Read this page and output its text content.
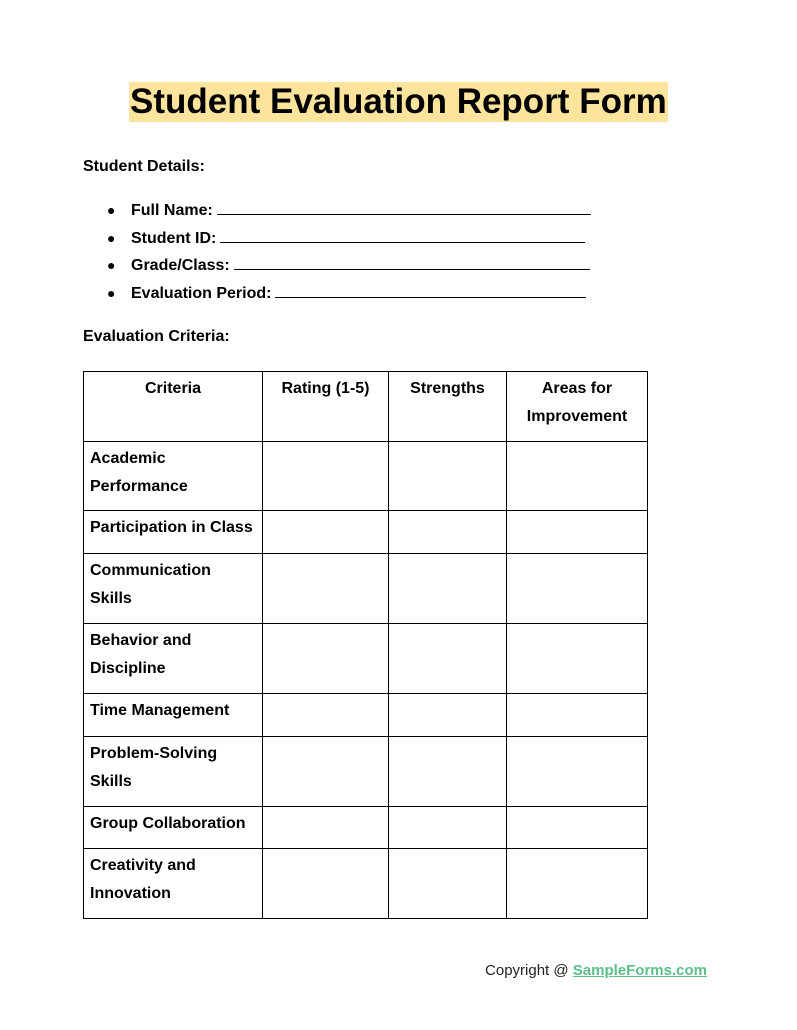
Student Evaluation Report Form
Student Details:
● Full Name:
● Student ID:
● Grade/Class:
● Evaluation Period:
Evaluation Criteria:
Criteria	Rating (1-5)	Strengths	Areas for Improvement
Academic Performance			
Participation in Class			
Communication Skills			
Behavior and Discipline			
Time Management			
Problem-Solving Skills			
Group Collaboration			
Creativity and Innovation			
Copyright @ SampleForms.com
